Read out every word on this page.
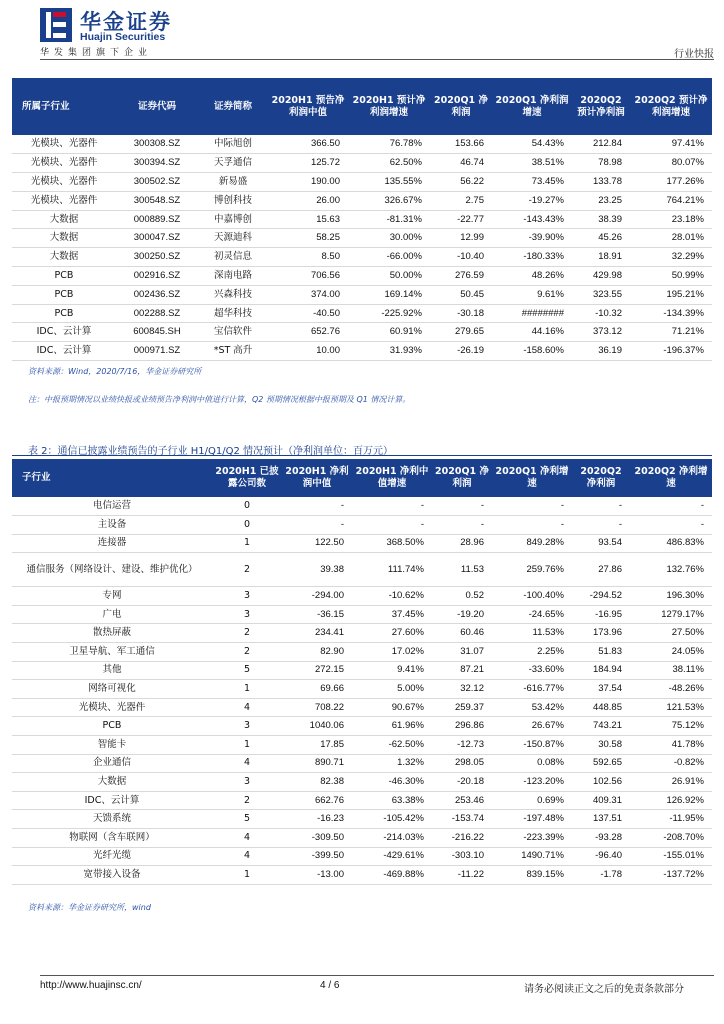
华金证券
Huajin Securities
华发集团旗下企业	行业快报
所属子行业	证券代码	证券简称	2020H1 预告净利润中值	2020H1 预计净利润增速	2020Q1 净利润	2020Q1 净利润增速	2020Q2 预计净利润	2020Q2 预计净利润增速
光模块、光器件	300308.SZ	中际旭创	366.50	76.78%	153.66	54.43%	212.84	97.41%
光模块、光器件	300394.SZ	天孚通信	125.72	62.50%	46.74	38.51%	78.98	80.07%
光模块、光器件	300502.SZ	新易盛	190.00	135.55%	56.22	73.45%	133.78	177.26%
光模块、光器件	300548.SZ	博创科技	26.00	326.67%	2.75	-19.27%	23.25	764.21%
大数据	000889.SZ	中嘉博创	15.63	-81.31%	-22.77	-143.43%	38.39	23.18%
大数据	300047.SZ	天源迪科	58.25	30.00%	12.99	-39.90%	45.26	28.01%
大数据	300250.SZ	初灵信息	8.50	-66.00%	-10.40	-180.33%	18.91	32.29%
PCB	002916.SZ	深南电路	706.56	50.00%	276.59	48.26%	429.98	50.99%
PCB	002436.SZ	兴森科技	374.00	169.14%	50.45	9.61%	323.55	195.21%
PCB	002288.SZ	超华科技	-40.50	-225.92%	-30.18	########	-10.32	-134.39%
IDC、云计算	600845.SH	宝信软件	652.76	60.91%	279.65	44.16%	373.12	71.21%
IDC、云计算	000971.SZ	*ST 高升	10.00	31.93%	-26.19	-158.60%	36.19	-196.37%
资料来源：Wind，2020/7/16，华金证券研究所
注：中报预期情况以业绩快报或业绩预告净利润中值进行计算，Q2 预期情况根据中报预期及 Q1 情况计算。
表 2：通信已披露业绩预告的子行业 H1/Q1/Q2 情况预计（净利润单位：百万元）
子行业	2020H1 已披露公司数	2020H1 净利润中值	2020H1 净利中值增速	2020Q1 净利润	2020Q1 净利增速	2020Q2 净利润	2020Q2 净利增速
电信运营	0	-	-	-	-	-	-
主设备	0	-	-	-	-	-	-
连接器	1	122.50	368.50%	28.96	849.28%	93.54	486.83%
通信服务（网络设计、建设、维护优化）	2	39.38	111.74%	11.53	259.76%	27.86	132.76%
专网	3	-294.00	-10.62%	0.52	-100.40%	-294.52	196.30%
广电	3	-36.15	37.45%	-19.20	-24.65%	-16.95	1279.17%
散热屏蔽	2	234.41	27.60%	60.46	11.53%	173.96	27.50%
卫星导航、军工通信	2	82.90	17.02%	31.07	2.25%	51.83	24.05%
其他	5	272.15	9.41%	87.21	-33.60%	184.94	38.11%
网络可视化	1	69.66	5.00%	32.12	-616.77%	37.54	-48.26%
光模块、光器件	4	708.22	90.67%	259.37	53.42%	448.85	121.53%
PCB	3	1040.06	61.96%	296.86	26.67%	743.21	75.12%
智能卡	1	17.85	-62.50%	-12.73	-150.87%	30.58	41.78%
企业通信	4	890.71	1.32%	298.05	0.08%	592.65	-0.82%
大数据	3	82.38	-46.30%	-20.18	-123.20%	102.56	26.91%
IDC、云计算	2	662.76	63.38%	253.46	0.69%	409.31	126.92%
天馈系统	5	-16.23	-105.42%	-153.74	-197.48%	137.51	-11.95%
物联网（含车联网）	4	-309.50	-214.03%	-216.22	-223.39%	-93.28	-208.70%
光纤光缆	4	-399.50	-429.61%	-303.10	1490.71%	-96.40	-155.01%
宽带接入设备	1	-13.00	-469.88%	-11.22	839.15%	-1.78	-137.72%
资料来源：华金证券研究所，wind
http://www.huajinsc.cn/	4 / 6	请务必阅读正文之后的免责条款部分
